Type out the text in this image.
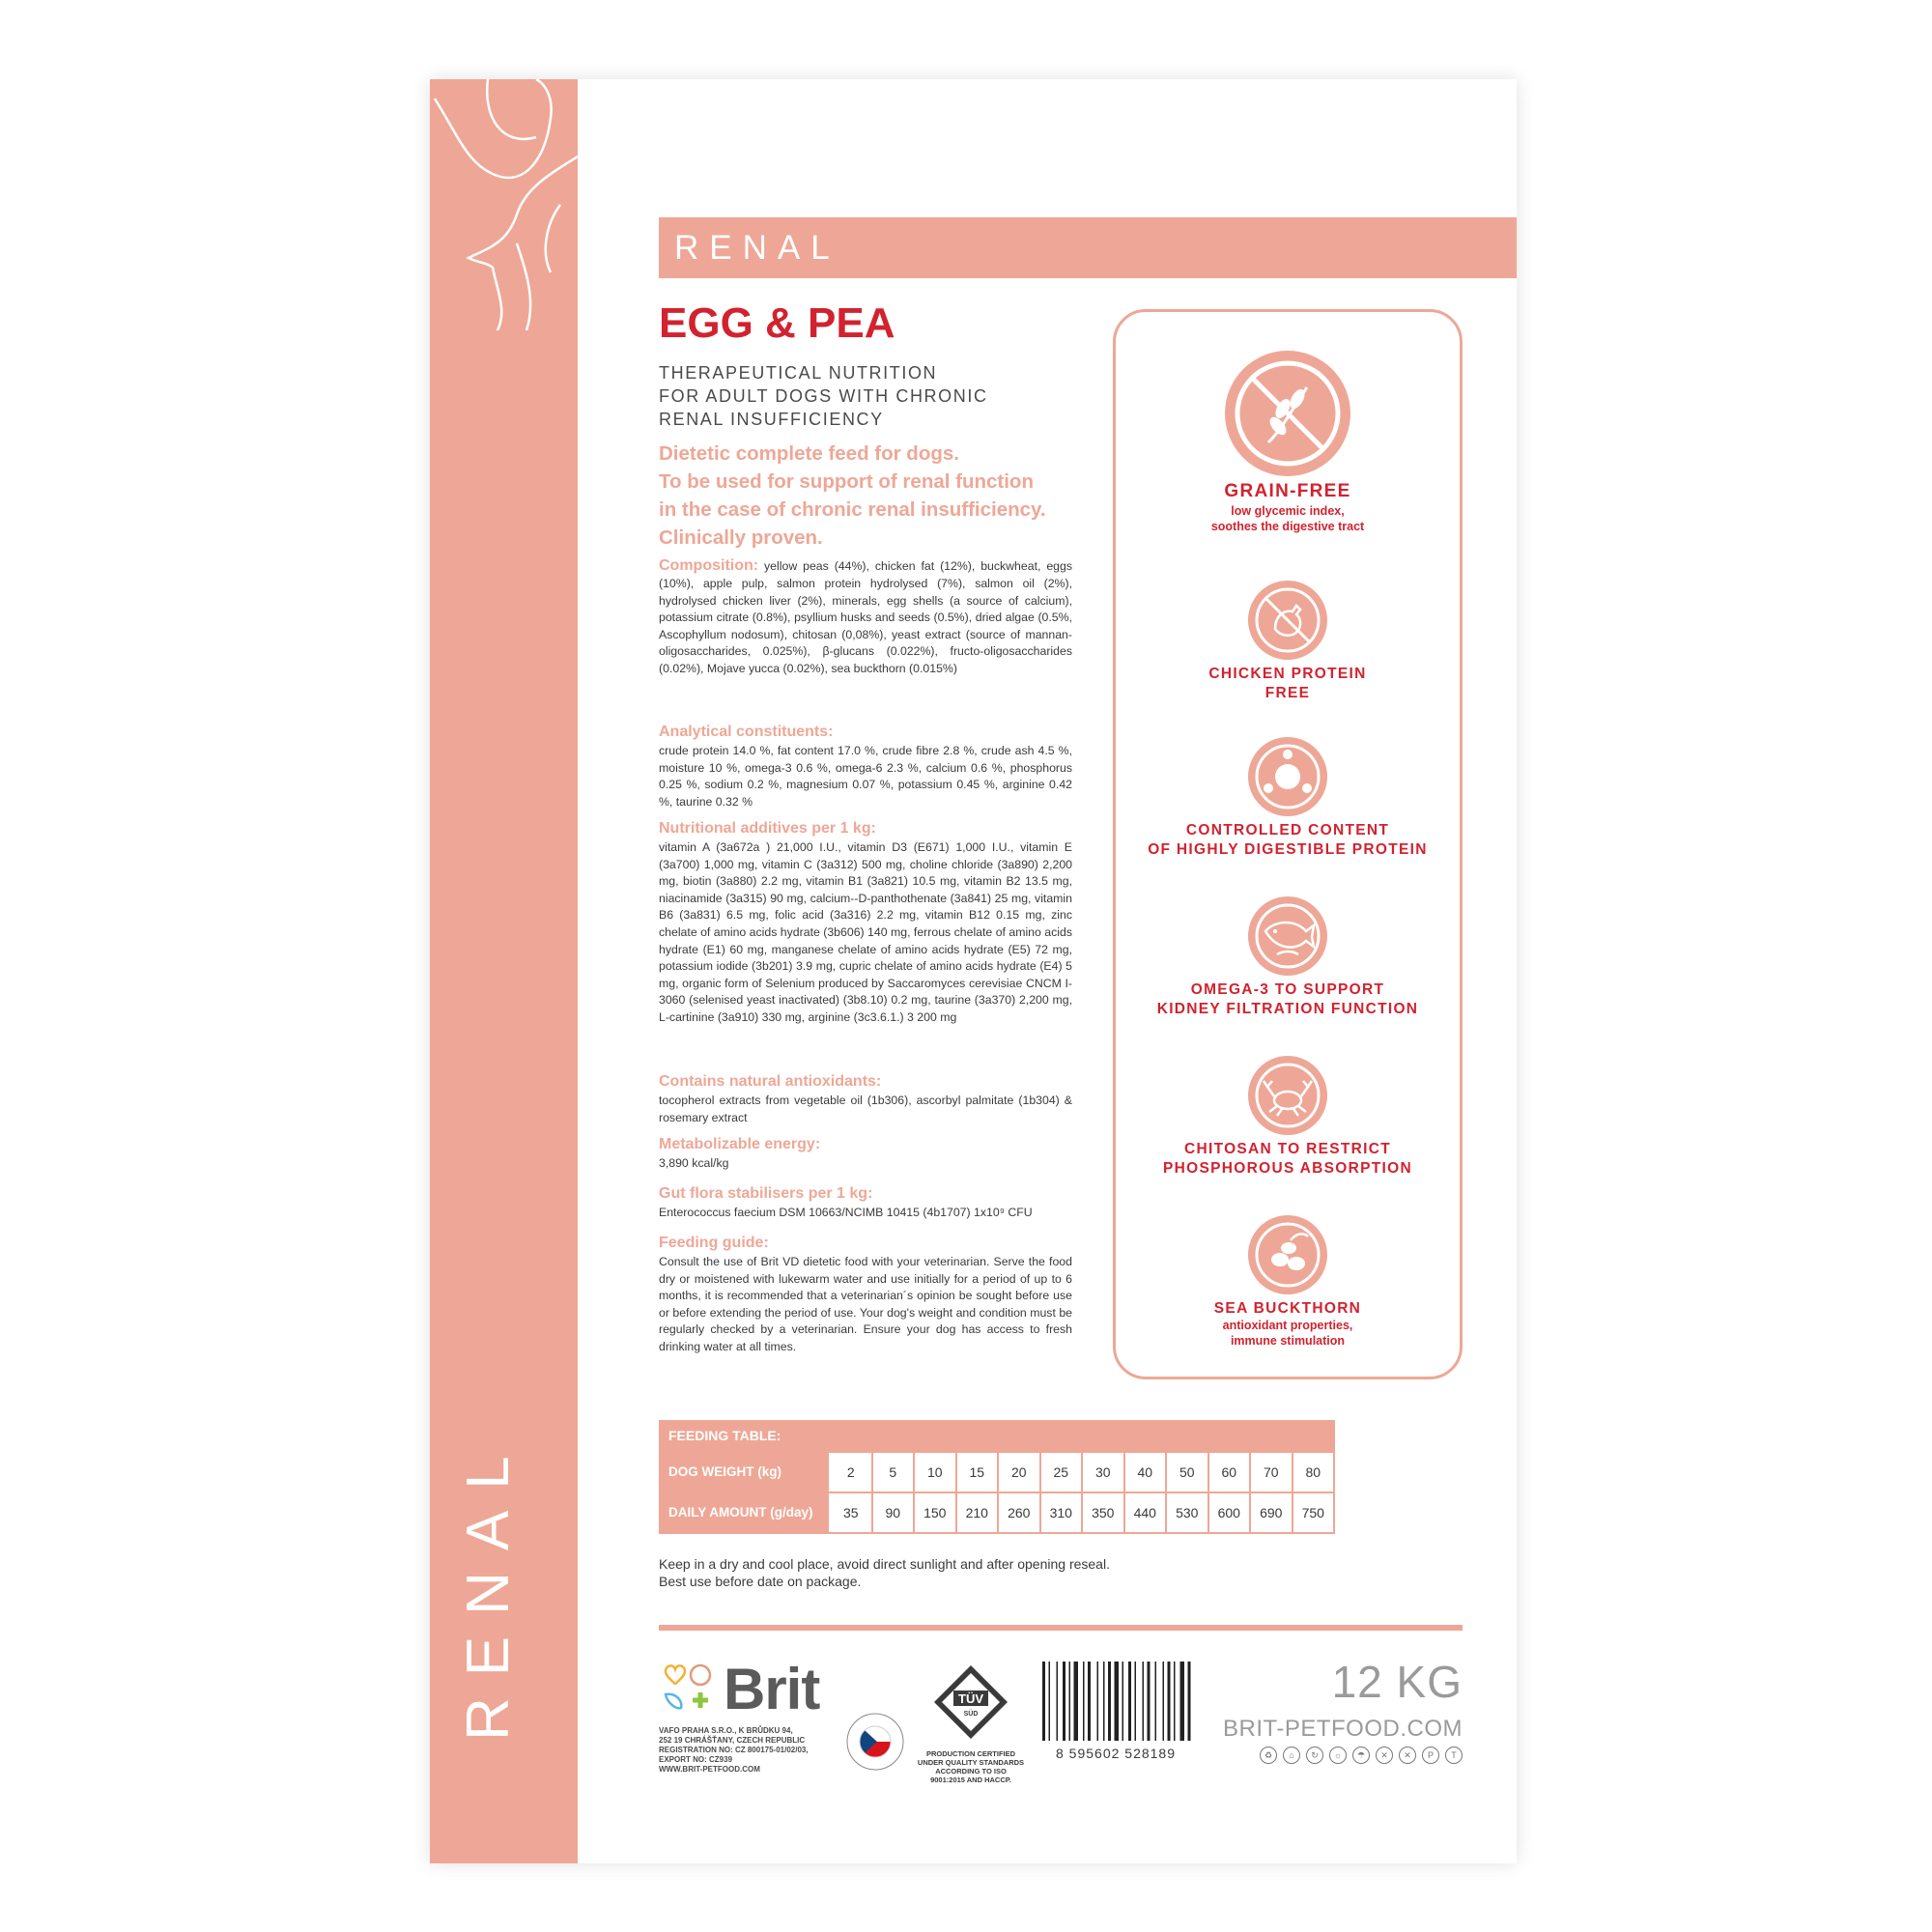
RENAL
RENAL
EGG & PEA
THERAPEUTICAL NUTRITION
FOR ADULT DOGS WITH CHRONIC
RENAL INSUFFICIENCY
Dietetic complete feed for dogs.
To be used for support of renal function
in the case of chronic renal insufficiency.
Clinically proven.
Composition: yellow peas (44%), chicken fat (12%), buckwheat, eggs (10%), apple pulp, salmon protein hydrolysed (7%), salmon oil (2%), hydrolysed chicken liver (2%), minerals, egg shells (a source of calcium), potassium citrate (0.8%), psyllium husks and seeds (0.5%), dried algae (0.5%, Ascophyllum nodosum), chitosan (0,08%), yeast extract (source of mannan-oligosaccharides, 0.025%), β-glucans (0.022%), fructo-oligosaccharides (0.02%), Mojave yucca (0.02%), sea buckthorn (0.015%)
Analytical constituents:
crude protein 14.0 %, fat content 17.0 %, crude fibre 2.8 %, crude ash 4.5 %, moisture 10 %, omega-3 0.6 %, omega-6 2.3 %, calcium 0.6 %, phosphorus 0.25 %, sodium 0.2 %, magnesium 0.07 %, potassium 0.45 %, arginine 0.42 %, taurine 0.32 %
Nutritional additives per 1 kg:
vitamin A (3a672a ) 21,000 I.U., vitamin D3 (E671) 1,000 I.U., vitamin E (3a700) 1,000 mg, vitamin C (3a312) 500 mg, choline chloride (3a890) 2,200 mg, biotin (3a880) 2.2 mg, vitamin B1 (3a821) 10.5 mg, vitamin B2 13.5 mg, niacinamide (3a315) 90 mg, calcium--D-panthothenate (3a841) 25 mg, vitamin B6 (3a831) 6.5 mg, folic acid (3a316) 2.2 mg, vitamin B12 0.15 mg, zinc chelate of amino acids hydrate (3b606) 140 mg, ferrous chelate of amino acids hydrate (E1) 60 mg, manganese chelate of amino acids hydrate (E5) 72 mg, potassium iodide (3b201) 3.9 mg, cupric chelate of amino acids hydrate (E4) 5 mg, organic form of Selenium produced by Saccaromyces cerevisiae CNCM I-3060 (selenised yeast inactivated) (3b8.10) 0.2 mg, taurine (3a370) 2,200 mg, L-cartinine (3a910) 330 mg, arginine (3c3.6.1.) 3 200 mg
Contains natural antioxidants:
tocopherol extracts from vegetable oil (1b306), ascorbyl palmitate (1b304) & rosemary extract
Metabolizable energy:
3,890 kcal/kg
Gut flora stabilisers per 1 kg:
Enterococcus faecium DSM 10663/NCIMB 10415 (4b1707) 1x10⁹ CFU
Feeding guide:
Consult the use of Brit VD dietetic food with your veterinarian. Serve the food dry or moistened with lukewarm water and use initially for a period of up to 6 months, it is recommended that a veterinarian´s opinion be sought before use or before extending the period of use. Your dog's weight and condition must be regularly checked by a veterinarian. Ensure your dog has access to fresh drinking water at all times.
GRAIN-FREE
low glycemic index,
soothes the digestive tract
CHICKEN PROTEIN
FREE
CONTROLLED CONTENT
OF HIGHLY DIGESTIBLE PROTEIN
OMEGA-3 TO SUPPORT
KIDNEY FILTRATION FUNCTION
CHITOSAN TO RESTRICT
PHOSPHOROUS ABSORPTION
SEA BUCKTHORN
antioxidant properties,
immune stimulation
FEEDING TABLE:
DOG WEIGHT (kg)	2	5	10	15	20	25	30	40	50	60	70	80
DAILY AMOUNT (g/day)	35	90	150	210	260	310	350	440	530	600	690	750
Keep in a dry and cool place, avoid direct sunlight and after opening reseal.
Best use before date on package.
Brit
VAFO PRAHA S.R.O., K BRŮDKU 94,
252 19 CHRÁŠŤANY, CZECH REPUBLIC
REGISTRATION NO: CZ 800175-01/02/03,
EXPORT NO: CZ939
WWW.BRIT-PETFOOD.COM
TÜV
SÜD
PRODUCTION CERTIFIED
UNDER QUALITY STANDARDS
ACCORDING TO ISO
9001:2015 AND HACCP.
8 595602 528189
12 KG
BRIT-PETFOOD.COM
♻	⌂	↻	☼	☂	✕	✕	P	T
